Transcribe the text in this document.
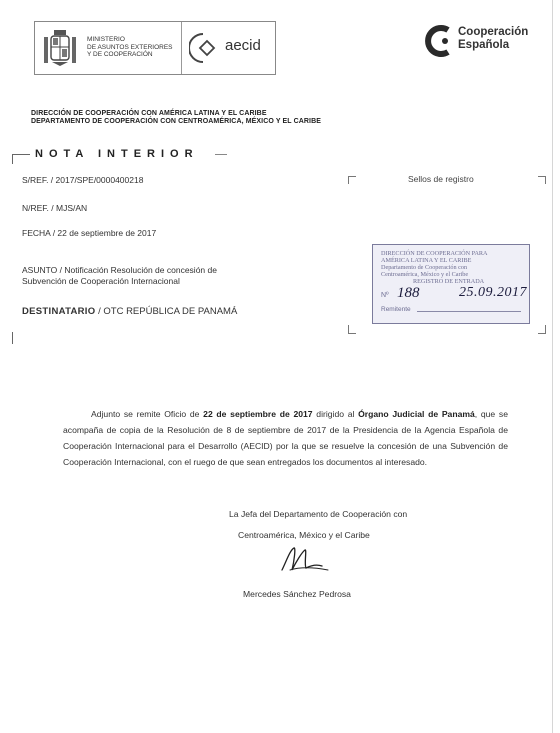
MINISTERIO
DE ASUNTOS EXTERIORES
Y DE COOPERACIÓN
aecid
Cooperación
Española
DIRECCIÓN DE COOPERACIÓN CON AMÉRICA LATINA Y EL CARIBE
DEPARTAMENTO DE COOPERACIÓN CON CENTROAMÉRICA, MÉXICO Y EL CARIBE
NOTA INTERIOR
S/REF. / 2017/SPE/0000400218
N/REF. / MJS/AN
FECHA / 22 de septiembre de 2017
ASUNTO / Notificación Resolución de concesión de
Subvención de Cooperación Internacional
DESTINATARIO / OTC REPÚBLICA DE PANAMÁ
Sellos de registro
DIRECCIÓN DE COOPERACIÓN PARA
AMÉRICA LATINA Y EL CARIBE
Departamento de Cooperación con
Centroamérica, México y el Caribe
REGISTRO DE ENTRADA
Nº 188	25.09.2017
Remitente
Adjunto se remite Oficio de 22 de septiembre de 2017 dirigido al Órgano Judicial de Panamá, que se acompaña de copia de la Resolución de 8 de septiembre de 2017 de la Presidencia de la Agencia Española de Cooperación Internacional para el Desarrollo (AECID) por la que se resuelve la concesión de una Subvención de Cooperación Internacional, con el ruego de que sean entregados los documentos al interesado.
La Jefa del Departamento de Cooperación con
Centroamérica, México y el Caribe
Mercedes Sánchez Pedrosa
